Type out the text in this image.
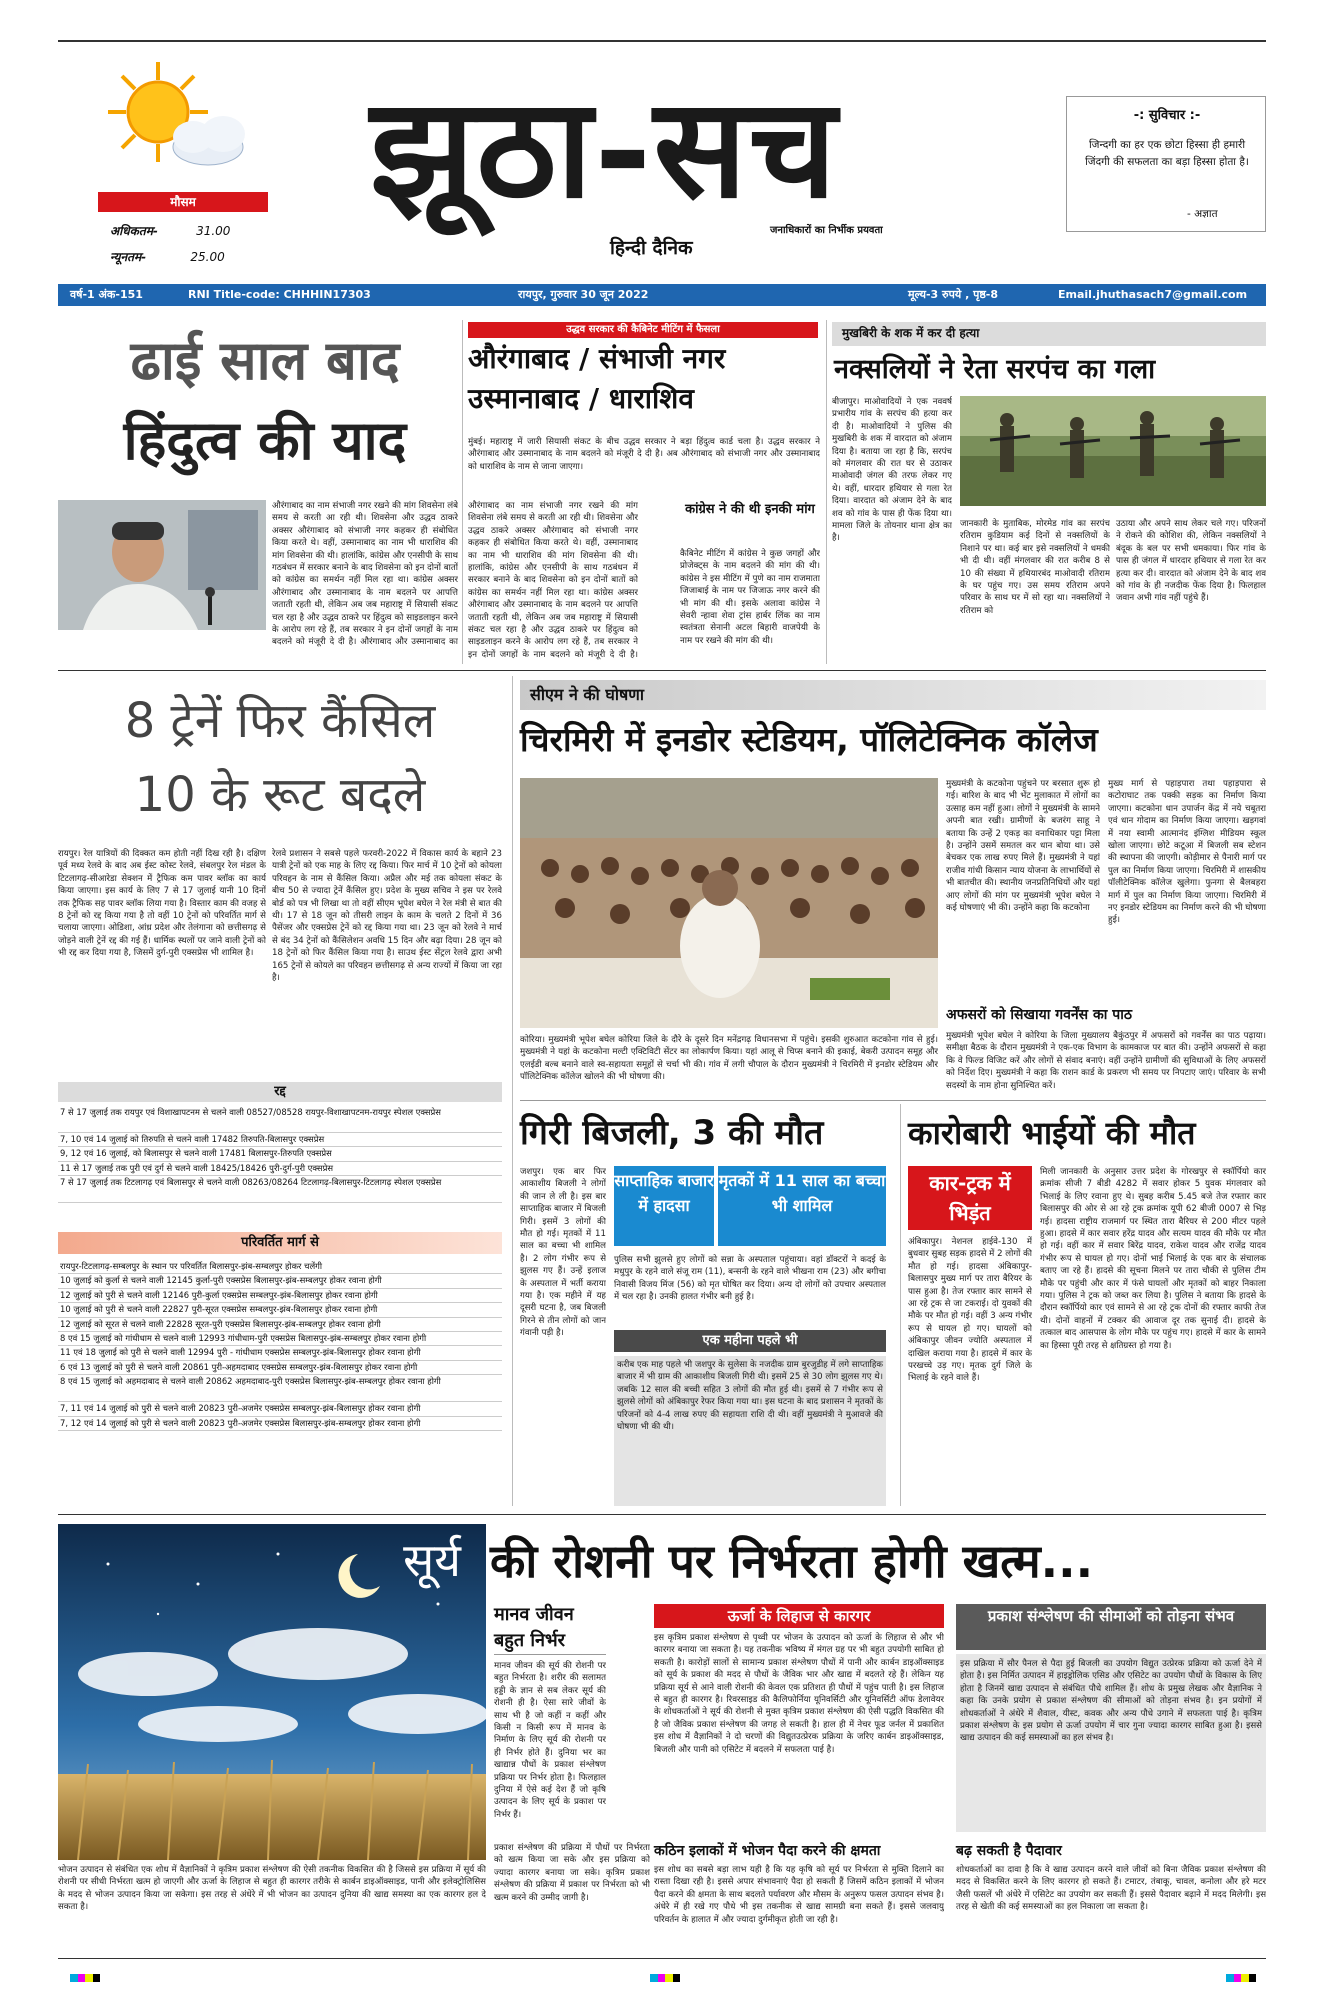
मौसम
अधिकतम-	31.00
न्यूनतम-	25.00
झूठा-सच
हिन्दी दैनिक
जनाधिकारों का निर्भीक प्रयवता
-: सुविचार :-
जिन्दगी का हर एक छोटा हिस्सा ही हमारी जिंदगी की सफलता का बड़ा हिस्सा होता है।
- अज्ञात
वर्ष-1 अंक-151	RNI Title-code: CHHHIN17303	रायपुर, गुरुवार 30 जून 2022	मूल्य-3 रुपये , पृष्ठ-8	Email.jhuthasach7@gmail.com
ढाई साल बाद
हिंदुत्व की याद
औरंगाबाद का नाम संभाजी नगर रखने की मांग शिवसेना लंबे समय से करती आ रही थी। शिवसेना और उद्धव ठाकरे अक्सर औरंगाबाद को संभाजी नगर कहकर ही संबोधित किया करते थे। वहीं, उस्मानाबाद का नाम भी धाराशिव की मांग शिवसेना की थी। हालांकि, कांग्रेस और एनसीपी के साथ गठबंधन में सरकार बनाने के बाद शिवसेना को इन दोनों बातों को कांग्रेस का समर्थन नहीं मिल रहा था। कांग्रेस अक्सर औरंगाबाद और उस्मानाबाद के नाम बदलने पर आपत्ति जताती रहती थी, लेकिन अब जब महाराष्ट्र में सियासी संकट चल रहा है और उद्धव ठाकरे पर हिंदुत्व को साइडलाइन करने के आरोप लग रहे हैं, तब सरकार ने इन दोनों जगहों के नाम बदलने को मंजूरी दे दी है। औरंगाबाद और उस्मानाबाद का
उद्धव सरकार की कैबिनेट मीटिंग में फैसला
औरंगाबाद / संभाजी नगर
उस्मानाबाद / धाराशिव
मुंबई। महाराष्ट्र में जारी सियासी संकट के बीच उद्धव सरकार ने बड़ा हिंदुत्व कार्ड चला है। उद्धव सरकार ने औरंगाबाद और उस्मानाबाद के नाम बदलने को मंजूरी दे दी है। अब औरंगाबाद को संभाजी नगर और उस्मानाबाद को धाराशिव के नाम से जाना जाएगा।
औरंगाबाद का नाम संभाजी नगर रखने की मांग शिवसेना लंबे समय से करती आ रही थी। शिवसेना और उद्धव ठाकरे अक्सर औरंगाबाद को संभाजी नगर कहकर ही संबोधित किया करते थे। वहीं, उस्मानाबाद का नाम भी धाराशिव की मांग शिवसेना की थी। हालांकि, कांग्रेस और एनसीपी के साथ गठबंधन में सरकार बनाने के बाद शिवसेना को इन दोनों बातों को कांग्रेस का समर्थन नहीं मिल रहा था। कांग्रेस अक्सर औरंगाबाद और उस्मानाबाद के नाम बदलने पर आपत्ति जताती रहती थी, लेकिन अब जब महाराष्ट्र में सियासी संकट चल रहा है और उद्धव ठाकरे पर हिंदुत्व को साइडलाइन करने के आरोप लग रहे हैं, तब सरकार ने इन दोनों जगहों के नाम बदलने को मंजूरी दे दी है।
कांग्रेस ने की थी इनकी मांग
कैबिनेट मीटिंग में कांग्रेस ने कुछ जगहों और प्रोजेक्ट्स के नाम बदलने की मांग की थी। कांग्रेस ने इस मीटिंग में पुणे का नाम राजमाता जिजाबाई के नाम पर जिजाऊ नगर करने की भी मांग की थी। इसके अलावा कांग्रेस ने सेवरी न्हावा शेवा ट्रांस हार्बर लिंक का नाम स्वतंत्रता सेनानी अटल बिहारी वाजपेयी के नाम पर रखने की मांग की थी।
मुखबिरी के शक में कर दी हत्या
नक्सलियों ने रेता सरपंच का गला
बीजापुर। माओवादियों ने एक नववर्ष प्रभारीय गांव के सरपंच की हत्या कर दी है। माओवादियों ने पुलिस की मुखबिरी के शक में वारदात को अंजाम दिया है। बताया जा रहा है कि, सरपंच को मंगलवार की रात घर से उठाकर माओवादी जंगल की तरफ लेकर गए थे। वहीं, धारदार हथियार से गला रेत दिया। वारदात को अंजाम देने के बाद शव को गांव के पास ही फेंक दिया था। मामला जिले के तोयनार थाना क्षेत्र का है।
जानकारी के मुताबिक, मोरमेड गांव का सरपंच रतिराम कुडियाम कई दिनों से नक्सलियों के निशाने पर था। कई बार इसे नक्सलियों ने धमकी भी दी थी। वहीं मंगलवार की रात करीब 8 से 10 की संख्या में हथियारबंद माओवादी रतिराम के घर पहुंच गए। उस समय रतिराम अपने परिवार के साथ घर में सो रहा था। नक्सलियों ने रतिराम को
उठाया और अपने साथ लेकर चले गए। परिजनों ने रोकने की कोशिश की, लेकिन नक्सलियों ने बंदूक के बल पर सभी धमकाया। फिर गांव के पास ही जंगल में धारदार हथियार से गला रेत कर हत्या कर दी। वारदात को अंजाम देने के बाद शव को गांव के ही नजदीक फेंक दिया है। फिलहाल जवान अभी गांव नहीं पहुंचे हैं।
8 ट्रेनें फिर कैंसिल
10 के रूट बदले
रायपुर। रेल यात्रियों की दिक्कत कम होती नहीं दिख रही है। दक्षिण पूर्व मध्य रेलवे के बाद अब ईस्ट कोस्ट रेलवे, संबलपुर रेल मंडल के टिटलागढ़-सीआरेडा सेक्शन में ट्रैफिक कम पावर ब्लॉक का कार्य किया जाएगा। इस कार्य के लिए 7 से 17 जुलाई यानी 10 दिनों तक ट्रैफिक सह पावर ब्लॉक लिया गया है। विस्तार काम की वजह से 8 ट्रेनों को रद्द किया गया है तो वहीं 10 ट्रेनों को परिवर्तित मार्ग से चलाया जाएगा। ओडिशा, आंध्र प्रदेश और तेलंगाना को छत्तीसगढ़ से जोड़ने वाली ट्रेनें रद्द की गई हैं। धार्मिक स्थलों पर जाने वाली ट्रेनों को भी रद्द कर दिया गया है, जिसमें दुर्ग-पुरी एक्सप्रेस भी शामिल है।
रेलवे प्रशासन ने सबसे पहले फरवरी-2022 में विकास कार्य के बहाने 23 यात्री ट्रेनों को एक माह के लिए रद्द किया। फिर मार्च में 10 ट्रेनों को कोयला परिवहन के नाम से कैंसिल किया। अप्रैल और मई तक कोयला संकट के बीच 50 से ज्यादा ट्रेनें कैंसिल हुए। प्रदेश के मुख्य सचिव ने इस पर रेलवे बोर्ड को पत्र भी लिखा था तो वहीं सीएम भूपेश बघेल ने रेल मंत्री से बात की थी। 17 से 18 जून को तीसरी लाइन के काम के चलते 2 दिनों में 36 पैसेंजर और एक्सप्रेस ट्रेनें को रद्द किया गया था। 23 जून को रेलवे ने मार्च से बंद 34 ट्रेनों को कैंसिलेशन अवधि 15 दिन और बढ़ा दिया। 28 जून को 18 ट्रेनों को फिर कैंसिल किया गया है। साउथ ईस्ट सेंट्रल रेलवे द्वारा अभी 165 ट्रेनों से कोयले का परिवहन छत्तीसगढ़ से अन्य राज्यों में किया जा रहा है।
रद्द
7 से 17 जुलाई तक रायपुर एवं विशाखापटनम से चलने वाली 08527/08528 रायपुर-विशाखापटनम-रायपुर स्पेशल एक्सप्रेस
7, 10 एवं 14 जुलाई को तिरुपति से चलने वाली 17482 तिरुपति-बिलासपुर एक्सप्रेस
9, 12 एवं 16 जुलाई, को बिलासपुर से चलने वाली 17481 बिलासपुर-तिरुपति एक्सप्रेस
11 से 17 जुलाई तक पुरी एवं दुर्ग से चलने वाली 18425/18426 पुरी-दुर्ग-पुरी एक्सप्रेस
7 से 17 जुलाई तक टिटलागढ़ एवं बिलासपुर से चलने वाली 08263/08264 टिटलागढ़-बिलासपुर-टिटलागढ़ स्पेशल एक्सप्रेस
परिवर्तित मार्ग से
रायपुर-टिटलागढ़-सम्बलपुर के स्थान पर परिवर्तित बिलासपुर-झंब-सम्बलपुर होकर चलेंगी
10 जुलाई को कुर्ला से चलने वाली 12145 कुर्ला-पुरी एक्सप्रेस बिलासपुर-झंब-सम्बलपुर होकर रवाना होगी
12 जुलाई को पुरी से चलने वाली 12146 पुरी-कुर्ला एक्सप्रेस सम्बलपुर-झंब-बिलासपुर होकर रवाना होगी
10 जुलाई को पुरी से चलने वाली 22827 पुरी-सूरत एक्सप्रेस सम्बलपुर-झंब-बिलासपुर होकर रवाना होगी
12 जुलाई को सूरत से चलने वाली 22828 सूरत-पुरी एक्सप्रेस बिलासपुर-झंब-सम्बलपुर होकर रवाना होगी
8 एवं 15 जुलाई को गांधीधाम से चलने वाली 12993 गांधीधाम-पुरी एक्सप्रेस बिलासपुर-झंब-सम्बलपुर होकर रवाना होगी
11 एवं 18 जुलाई को पुरी से चलने वाली 12994 पुरी - गांधीधाम एक्सप्रेस सम्बलपुर-झंब-बिलासपुर होकर रवाना होगी
6 एवं 13 जुलाई को पुरी से चलने वाली 20861 पुरी-अहमदाबाद एक्सप्रेस सम्बलपुर-झंब-बिलासपुर होकर रवाना होगी
8 एवं 15 जुलाई को अहमदाबाद से चलने वाली 20862 अहमदाबाद-पुरी एक्सप्रेस बिलासपुर-झंब-सम्बलपुर होकर रवाना होगी
7, 11 एवं 14 जुलाई को पुरी से चलने वाली 20823 पुरी-अजमेर एक्सप्रेस सम्बलपुर-झंब-बिलासपुर होकर रवाना होगी
7, 12 एवं 14 जुलाई को पुरी से चलने वाली 20823 पुरी-अजमेर एक्सप्रेस बिलासपुर-झंब-सम्बलपुर होकर रवाना होगी
सीएम ने की घोषणा
चिरमिरी में इनडोर स्टेडियम, पॉलिटेक्निक कॉलेज
कोरिया। मुख्यमंत्री भूपेश बघेल कोरिया जिले के दौरे के दूसरे दिन मनेंद्रगढ़ विधानसभा में पहुंचे। इसकी शुरुआत कटकोना गांव से हुई। मुख्यमंत्री ने यहां के कटकोना मल्टी एक्टिविटी सेंटर का लोकार्पण किया। यहां आलू से चिप्स बनाने की इकाई, बेकरी उत्पादन समूह और एलईडी बल्ब बनाने वाले स्व-सहायता समूहों से चर्चा भी की। गांव में लगी चौपाल के दौरान मुख्यमंत्री ने चिरमिरी में इनडोर स्टेडियम और पॉलिटेक्निक कॉलेज खोलने की भी घोषणा की।
मुख्यमंत्री के कटकोना पहुंचने पर बरसात शुरू हो गई। बारिश के बाद भी भेंट मुलाकात में लोगों का उत्साह कम नहीं हुआ। लोगों ने मुख्यमंत्री के सामने अपनी बात रखी। ग्रामीणों के बजरंग साहू ने बताया कि उन्हें 2 एकड़ का वनाधिकार पट्टा मिला है। उन्होंने उसमें समतल कर धान बोया था। उसे बेचकर एक लाख रुपए मिले हैं। मुख्यमंत्री ने यहां राजीव गांधी किसान न्याय योजना के लाभार्थियों से भी बातचीत की। स्थानीय जनप्रतिनिधियों और यहां आए लोगों की मांग पर मुख्यमंत्री भूपेश बघेल ने कई घोषणाएं भी की। उन्होंने कहा कि कटकोना
मुख्य मार्ग से पहाड़पारा तथा पहाड़पारा से कटोराघाट तक पक्की सड़क का निर्माण किया जाएगा। कटकोना धान उपार्जन केंद्र में नये चबूतरा एवं धान गोदाम का निर्माण किया जाएगा। खड़गवां में नया स्वामी आत्मानंद इंग्लिश मीडियम स्कूल खोला जाएगा। छोटे कटूआ में बिजली सब स्टेशन की स्थापना की जाएगी। कोड़ीमार से पैनारी मार्ग पर पुल का निर्माण किया जाएगा। चिरमिरी में शासकीय पॉलीटेक्निक कॉलेज खुलेगा। फुनगा से बैलबहरा मार्ग में पुल का निर्माण किया जाएगा। चिरमिरी में नए इनडोर स्टेडियम का निर्माण करने की भी घोषणा हुई।
अफसरों को सिखाया गवर्नेंस का पाठ
मुख्यमंत्री भूपेश बघेल ने कोरिया के जिला मुख्यालय बैकुंठपुर में अफसरों को गवर्नेंस का पाठ पढ़ाया। समीक्षा बैठक के दौरान मुख्यमंत्री ने एक-एक विभाग के कामकाज पर बात की। उन्होंने अफसरों से कहा कि वे फिल्ड विजिट करें और लोगों से संवाद बनाएं। वहीं उन्होंने ग्रामीणों की सुविधाओं के लिए अफसरों को निर्देश दिए। मुख्यमंत्री ने कहा कि राशन कार्ड के प्रकरण भी समय पर निपटाए जाएं। परिवार के सभी सदस्यों के नाम होना सुनिश्चित करें।
गिरी बिजली, 3 की मौत
जशपुर। एक बार फिर आकाशीय बिजली ने लोगों की जान ले ली है। इस बार साप्ताहिक बाजार में बिजली गिरी। इसमें 3 लोगों की मौत हो गई। मृतकों में 11 साल का बच्चा भी शामिल है। 2 लोग गंभीर रूप से झुलस गए हैं। उन्हें इलाज के अस्पताल में भर्ती कराया गया है। एक महीने में यह दूसरी घटना है, जब बिजली गिरने से तीन लोगों को जान गंवानी पड़ी है।
साप्ताहिक बाजार में हादसा
मृतकों में 11 साल का बच्चा भी शामिल
पुलिस सभी झुलसे हुए लोगों को सन्ना के अस्पताल पहुंचाया। वहां डॉक्टरों ने कदई के मधुपुर के रहने वाले संजू राम (11), बन्सनी के रहने वाले भीखना राम (23) और बगीचा निवासी विजय मिंज (56) को मृत घोषित कर दिया। अन्य दो लोगों को उपचार अस्पताल में चल रहा है। उनकी हालत गंभीर बनी हुई है।
एक महीना पहले भी
करीब एक माह पहले भी जशपुर के सुलेसा के नजदीक ग्राम बुरजुडीह में लगे साप्ताहिक बाजार में भी ग्राम की आकाशीय बिजली गिरी थी। इसमें 25 से 30 लोग झुलस गए थे। जबकि 12 साल की बच्ची सहित 3 लोगों की मौत हुई थी। इसमें से 7 गंभीर रूप से झुलसे लोगों को अंबिकापुर रेफर किया गया था। इस घटना के बाद प्रशासन ने मृतकों के परिजनों को 4-4 लाख रुपए की सहायता राशि दी थी। वहीं मुख्यमंत्री ने मुआवजे की घोषणा भी की थी।
कारोबारी भाईयों की मौत
कार-ट्रक में भिड़ंत
अंबिकापुर। नेशनल हाईवे-130 में बुधवार सुबह सड़क हादसे में 2 लोगों की मौत हो गई। हादसा अंबिकापुर-बिलासपुर मुख्य मार्ग पर तारा बैरियर के पास हुआ है। तेज रफ्तार कार सामने से आ रहे ट्रक से जा टकराई। दो युवकों की मौके पर मौत हो गई। वहीं 3 अन्य गंभीर रूप से घायल हो गए। घायलों को अंबिकापुर जीवन ज्योति अस्पताल में दाखिल कराया गया है। हादसे में कार के परखच्चे उड़ गए। मृतक दुर्ग जिले के भिलाई के रहने वाले हैं।
मिली जानकारी के अनुसार उत्तर प्रदेश के गोरखपुर से स्कॉर्पियो कार क्रमांक सीजी 7 बीडी 4282 में सवार होकर 5 युवक मंगलवार को भिलाई के लिए रवाना हुए थे। सुबह करीब 5.45 बजे तेज रफ्तार कार बिलासपुर की ओर से आ रहे ट्रक क्रमांक यूपी 62 बीजी 0007 से भिड़ गई। हादसा राष्ट्रीय राजमार्ग पर स्थित तारा बैरियर से 200 मीटर पहले हुआ। हादसे में कार सवार हरेंद्र यादव और सत्यम यादव की मौके पर मौत हो गई। वहीं कार में सवार बिरेंद्र यादव, राकेश यादव और राजेंद्र यादव गंभीर रूप से घायल हो गए। दोनों भाई भिलाई के एक बार के संचालक बताए जा रहे हैं। हादसे की सूचना मिलने पर तारा चौकी से पुलिस टीम मौके पर पहुंची और कार में फंसे घायलों और मृतकों को बाहर निकाला गया। पुलिस ने ट्रक को जब्त कर लिया है। पुलिस ने बताया कि हादसे के दौरान स्कॉर्पियो कार एवं सामने से आ रहे ट्रक दोनों की रफ्तार काफी तेज थी। दोनों वाहनों में टक्कर की आवाज दूर तक सुनाई दी। हादसे के तत्काल बाद आसपास के लोग मौके पर पहुंच गए। हादसे में कार के सामने का हिस्सा पूरी तरह से क्षतिग्रस्त हो गया है।
सूर्य की रोशनी पर निर्भरता होगी खत्म...
भोजन उत्पादन से संबंधित एक शोध में वैज्ञानिकों ने कृत्रिम प्रकाश संश्लेषण की ऐसी तकनीक विकसित की है जिससे इस प्रक्रिया में सूर्य की रोशनी पर सीधी निर्भरता खत्म हो जाएगी और ऊर्जा के लिहाज से बहुत ही कारगर तरीके से कार्बन डाइऑक्साइड, पानी और इलेक्ट्रोलिसिस के मदद से भोजन उत्पादन किया जा सकेगा। इस तरह से अंधेरे में भी भोजन का उत्पादन दुनिया की खाद्य समस्या का एक कारगर हल दे सकता है।
मानव जीवन बहुत निर्भर
मानव जीवन की सूर्य की रोशनी पर बहुत निर्भरता है। शरीर की सलामत हड्डी के ज्ञान से सब लेकर सूर्य की रोशनी ही है। ऐसा सारे जीवों के साथ भी है जो कहीं न कहीं और किसी न किसी रूप में मानव के निर्माण के लिए सूर्य की रोशनी पर ही निर्भर होते हैं। दुनिया भर का खाद्यान्न पौधों के प्रकाश संश्लेषण प्रक्रिया पर निर्भर होता है। फिलहाल दुनिया में ऐसे कई देश हैं जो कृषि उत्पादन के लिए सूर्य के प्रकाश पर निर्भर हैं।
प्रकाश संश्लेषण की प्रक्रिया में पौधों पर निर्भरता को खत्म किया जा सके और इस प्रक्रिया को ज्यादा कारगर बनाया जा सके। कृत्रिम प्रकाश संश्लेषण की प्रक्रिया में प्रकाश पर निर्भरता को भी खत्म करने की उम्मीद जागी है।
ऊर्जा के लिहाज से कारगर
इस कृत्रिम प्रकाश संश्लेषण से पृथ्वी पर भोजन के उत्पादन को ऊर्जा के लिहाज से और भी कारगर बनाया जा सकता है। यह तकनीक भविष्य में मंगल ग्रह पर भी बहुत उपयोगी साबित हो सकती है। कारोड़ों सालों से सामान्य प्रकाश संश्लेषण पौधों में पानी और कार्बन डाइऑक्साइड को सूर्य के प्रकाश की मदद से पौधों के जैविक भार और खाद्य में बदलते रहे हैं। लेकिन यह प्रक्रिया सूर्य से आने वाली रोशनी की केवल एक प्रतिशत ही पौधों में पहुंच पाती है। इस लिहाज से बहुत ही कारगर है। रिवरसाइड की कैलिफोर्निया यूनिवर्सिटी और यूनिवर्सिटी ऑफ डेलावेयर के शोधकर्ताओं ने सूर्य की रोशनी से मुक्त कृत्रिम प्रकाश संश्लेषण की ऐसी पद्धति विकसित की है जो जैविक प्रकाश संश्लेषण की जगह ले सकती है। हाल ही में नेचर फूड जर्नल में प्रकाशित इस शोध में वैज्ञानिकों ने दो चरणों की विद्युतउत्प्रेरक प्रक्रिया के जरिए कार्बन डाइऑक्साइड, बिजली और पानी को एसिटेट में बदलने में सफलता पाई है।
प्रकाश संश्लेषण की सीमाओं को तोड़ना संभव
इस प्रक्रिया में सौर पैनल से पैदा हुई बिजली का उपयोग विद्युत उत्प्रेरक प्रक्रिया को ऊर्जा देने में होता है। इस निर्मित उत्पादन में हाइड्रोलिक एसिड और एसिटेट का उपयोग पौधों के विकास के लिए होता है जिनमें खाद्य उत्पादन से संबंधित पौधे शामिल हैं। शोध के प्रमुख लेखक और वैज्ञानिक ने कहा कि उनके प्रयोग से प्रकाश संश्लेषण की सीमाओं को तोड़ना संभव है। इन प्रयोगों में शोधकर्ताओं ने अंधेरे में शैवाल, यीस्ट, कवक और अन्य पौधे उगाने में सफलता पाई है। कृत्रिम प्रकाश संश्लेषण के इस प्रयोग से ऊर्जा उपयोग में चार गुना ज्यादा कारगर साबित हुआ है। इससे खाद्य उत्पादन की कई समस्याओं का हल संभव है।
कठिन इलाकों में भोजन पैदा करने की क्षमता
इस शोध का सबसे बड़ा लाभ यही है कि यह कृषि को सूर्य पर निर्भरता से मुक्ति दिलाने का रास्ता दिखा रही है। इससे अपार संभावनाएं पैदा हो सकती हैं जिसमें कठिन इलाकों में भोजन पैदा करने की क्षमता के साथ बदलते पर्यावरण और मौसम के अनुरूप फसल उत्पादन संभव है। अंधेरे में ही रखे गए पौधे भी इस तकनीक से खाद्य सामग्री बना सकते हैं। इससे जलवायु परिवर्तन के हालात में और ज्यादा दुर्गमीकृत होती जा रही है।
बढ़ सकती है पैदावार
शोधकर्ताओं का दावा है कि वे खाद्य उत्पादन करने वाले जीवों को बिना जैविक प्रकाश संश्लेषण की मदद से विकसित करने के लिए कारगर हो सकते हैं। टमाटर, तंबाकू, चावल, कनोला और हरे मटर जैसी फसलें भी अंधेरे में एसिटेट का उपयोग कर सकती हैं। इससे पैदावार बढ़ाने में मदद मिलेगी। इस तरह से खेती की कई समस्याओं का हल निकाला जा सकता है।
